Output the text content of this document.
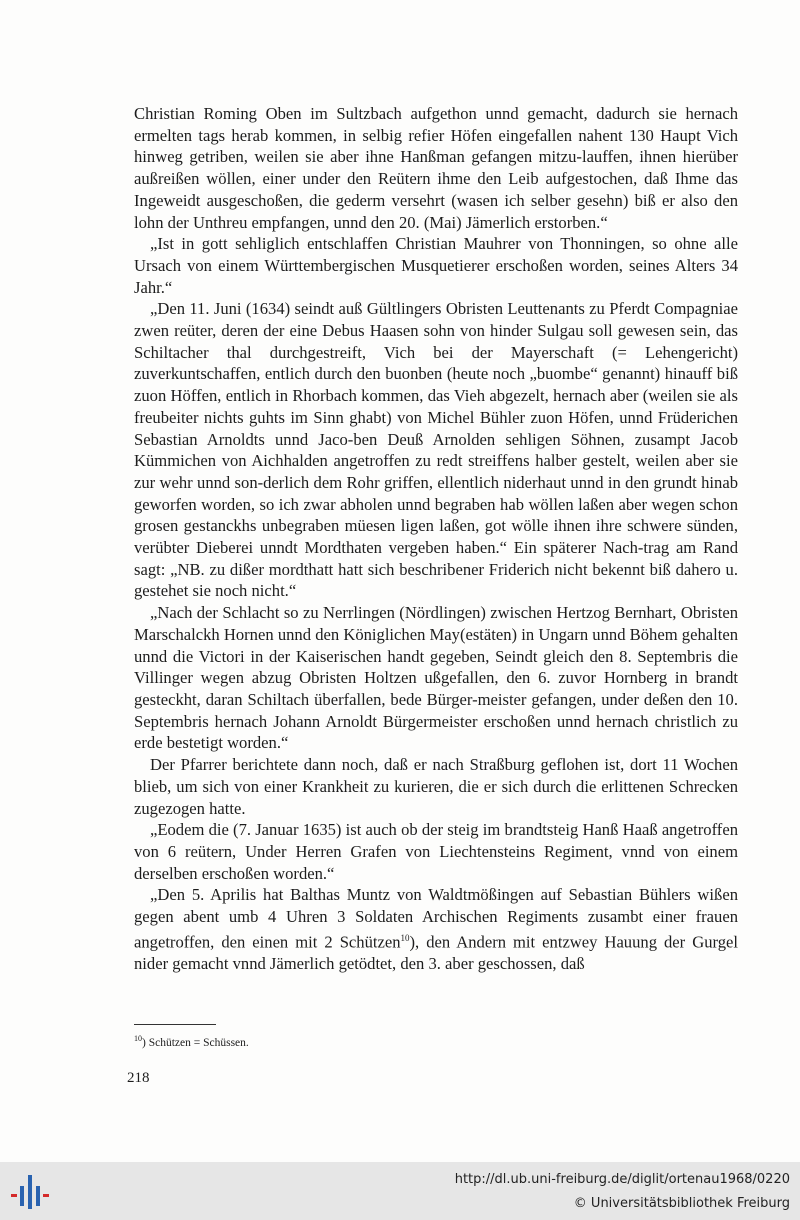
Christian Roming Oben im Sultzbach aufgethon unnd gemacht, dadurch sie hernach ermelten tags herab kommen, in selbig refier Höfen eingefallen nahent 130 Haupt Vich hinweg getriben, weilen sie aber ihne Hanßman gefangen mitzu-lauffen, ihnen hierüber außreißen wöllen, einer under den Reütern ihme den Leib aufgestochen, daß Ihme das Ingeweidt ausgeschoßen, die gederm versehrt (wasen ich selber gesehn) biß er also den lohn der Unthreu empfangen, unnd den 20. (Mai) Jämerlich erstorben.“

„Ist in gott sehliglich entschlaffen Christian Mauhrer von Thonningen, so ohne alle Ursach von einem Württembergischen Musquetierer erschoßen worden, seines Alters 34 Jahr.“

„Den 11. Juni (1634) seindt auß Gültlingers Obristen Leuttenants zu Pferdt Compagniae zwen reüter, deren der eine Debus Haasen sohn von hinder Sulgau soll gewesen sein, das Schiltacher thal durchgestreift, Vich bei der Mayerschaft (= Lehengericht) zuverkuntschaffen, entlich durch den buonben (heute noch „buombe“ genannt) hinauff biß zuon Höffen, entlich in Rhorbach kommen, das Vieh abgezelt, hernach aber (weilen sie als freubeiter nichts guhts im Sinn ghabt) von Michel Bühler zuon Höfen, unnd Früderichen Sebastian Arnoldts unnd Jaco-ben Deuß Arnolden sehligen Söhnen, zusampt Jacob Kümmichen von Aichhalden angetroffen zu redt streiffens halber gestelt, weilen aber sie zur wehr unnd son-derlich dem Rohr griffen, ellentlich niderhaut unnd in den grundt hinab geworfen worden, so ich zwar abholen unnd begraben hab wöllen laßen aber wegen schon grosen gestanckhs unbegraben müesen ligen laßen, got wölle ihnen ihre schwere sünden, verübter Dieberei unndt Mordthaten vergeben haben.“ Ein späterer Nach-trag am Rand sagt: „NB. zu dißer mordthatt hatt sich beschribener Friderich nicht bekennt biß dahero u. gestehet sie noch nicht.“

„Nach der Schlacht so zu Nerrlingen (Nördlingen) zwischen Hertzog Bernhart, Obristen Marschalckh Hornen unnd den Königlichen May(estäten) in Ungarn unnd Böhem gehalten unnd die Victori in der Kaiserischen handt gegeben, Seindt gleich den 8. Septembris die Villinger wegen abzug Obristen Holtzen ußgefallen, den 6. zuvor Hornberg in brandt gesteckht, daran Schiltach überfallen, bede Bürger-meister gefangen, under deßen den 10. Septembris hernach Johann Arnoldt Bürgermeister erschoßen unnd hernach christlich zu erde bestetigt worden.“

Der Pfarrer berichtete dann noch, daß er nach Straßburg geflohen ist, dort 11 Wochen blieb, um sich von einer Krankheit zu kurieren, die er sich durch die erlittenen Schrecken zugezogen hatte.

„Eodem die (7. Januar 1635) ist auch ob der steig im brandtsteig Hanß Haaß angetroffen von 6 reütern, Under Herren Grafen von Liechtensteins Regiment, vnnd von einem derselben erschoßen worden.“

„Den 5. Aprilis hat Balthas Muntz von Waldtmößingen auf Sebastian Bühlers wißen gegen abent umb 4 Uhren 3 Soldaten Archischen Regiments zusambt einer frauen angetroffen, den einen mit 2 Schützen$^{10}$), den Andern mit entzwey Hauung der Gurgel nider gemacht vnnd Jämerlich getödtet, den 3. aber geschossen, daß

$^{10}$) Schützen = Schüssen.
218
http://dl.ub.uni-freiburg.de/diglit/ortenau1968/0220
© Universitätsbibliothek Freiburg
